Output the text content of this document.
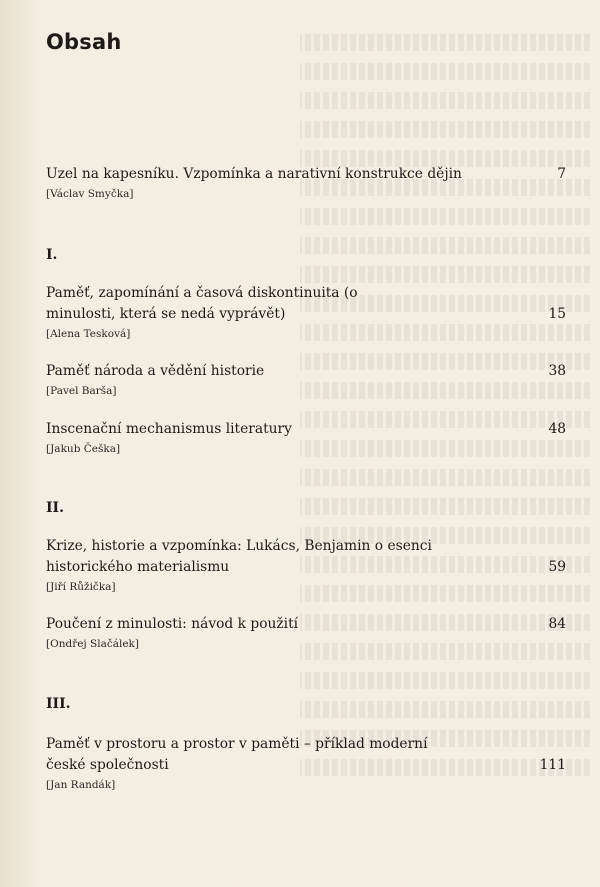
Obsah
Uzel na kapesníku. Vzpomínka a narativní konstrukce dějin	7
[Václav Smyčka]
I.
Paměť, zapomínání a časová diskontinuita (o minulosti, která se nedá vyprávět)	15
[Alena Tesková]
Paměť národa a vědění historie	38
[Pavel Barša]
Inscenační mechanismus literatury	48
[Jakub Češka]
II.
Krize, historie a vzpomínka: Lukács, Benjamin o esenci historického materialismu	59
[Jiří Růžička]
Poučení z minulosti: návod k použití	84
[Ondřej Slačálek]
III.
Paměť v prostoru a prostor v paměti – příklad moderní české společnosti	111
[Jan Randák]
